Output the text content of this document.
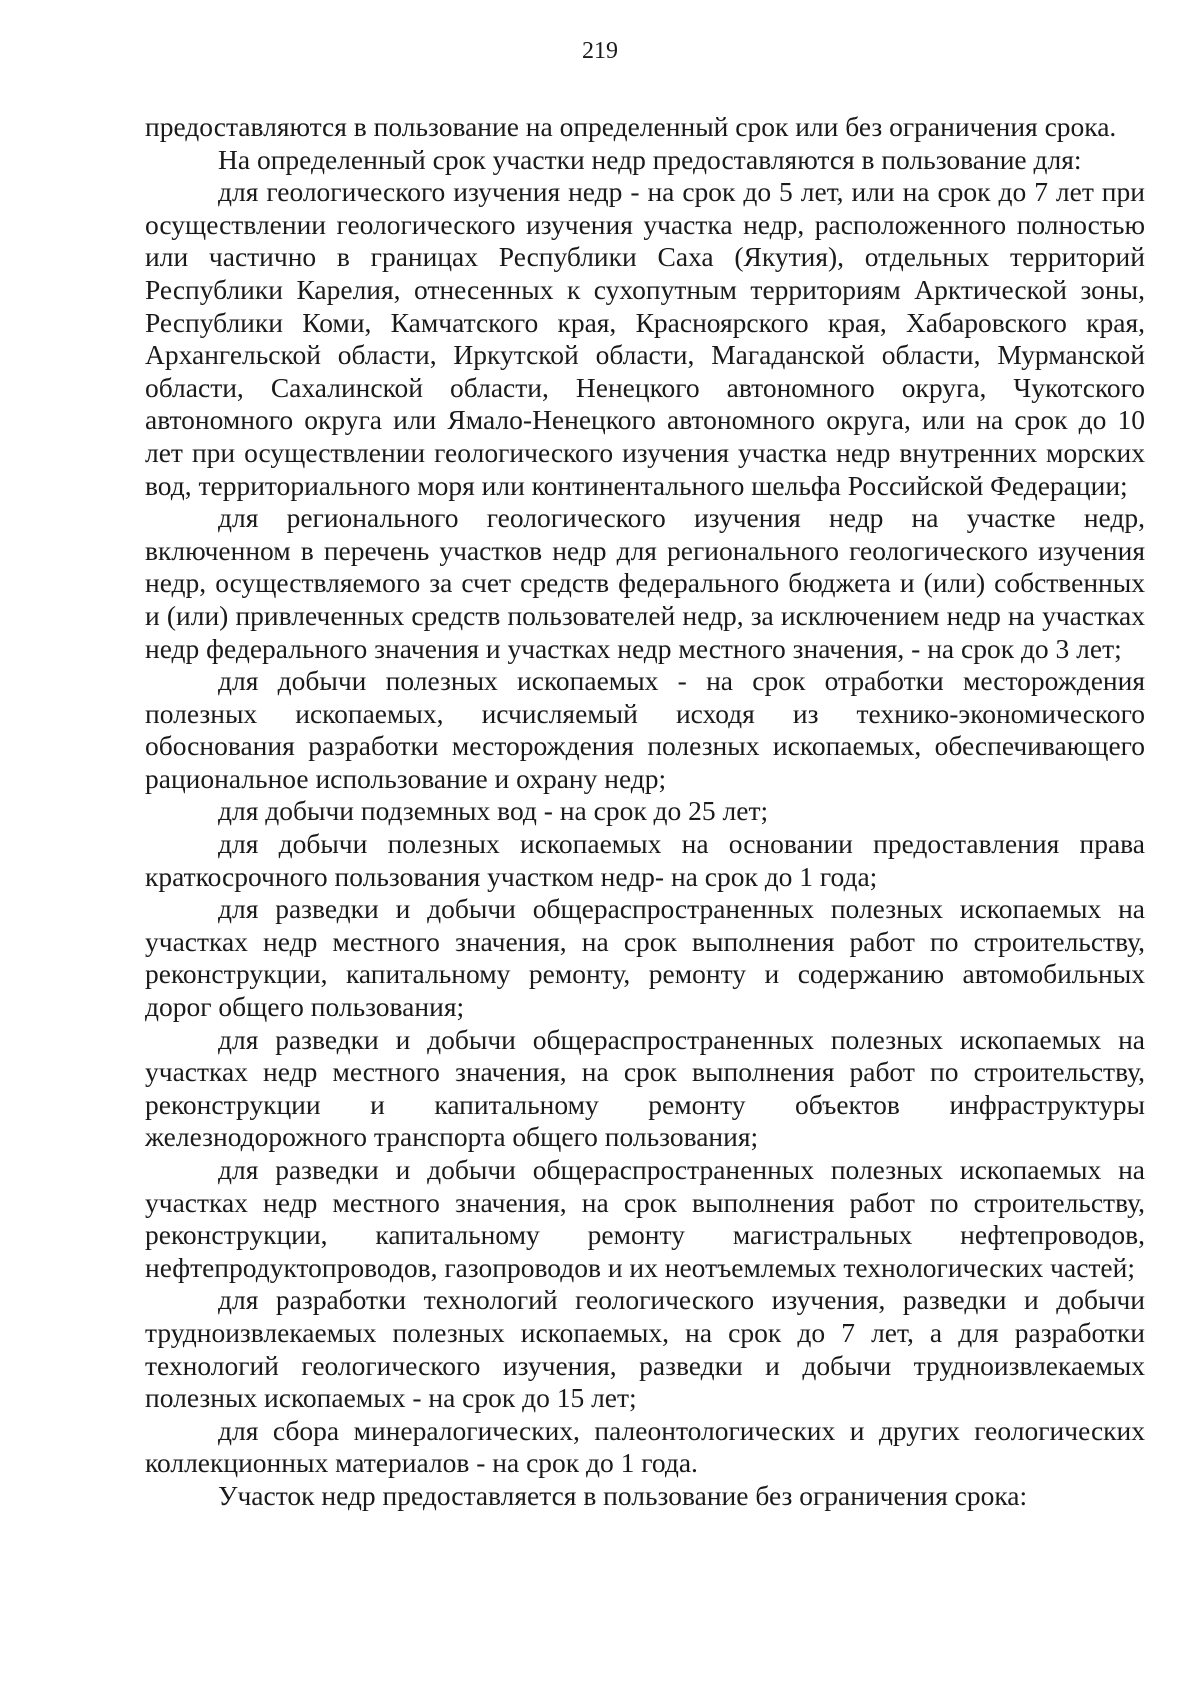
219

предоставляются в пользование на определенный срок или без ограничения срока.

На определенный срок участки недр предоставляются в пользование для:

для геологического изучения недр - на срок до 5 лет, или на срок до 7 лет при осуществлении геологического изучения участка недр, расположенного полностью или частично в границах Республики Саха (Якутия), отдельных территорий Республики Карелия, отнесенных к сухопутным территориям Арктической зоны, Республики Коми, Камчатского края, Красноярского края, Хабаровского края, Архангельской области, Иркутской области, Магаданской области, Мурманской области, Сахалинской области, Ненецкого автономного округа, Чукотского автономного округа или Ямало-Ненецкого автономного округа, или на срок до 10 лет при осуществлении геологического изучения участка недр внутренних морских вод, территориального моря или континентального шельфа Российской Федерации;

для регионального геологического изучения недр на участке недр, включенном в перечень участков недр для регионального геологического изучения недр, осуществляемого за счет средств федерального бюджета и (или) собственных и (или) привлеченных средств пользователей недр, за исключением недр на участках недр федерального значения и участках недр местного значения, - на срок до 3 лет;

для добычи полезных ископаемых - на срок отработки месторождения полезных ископаемых, исчисляемый исходя из технико-экономического обоснования разработки месторождения полезных ископаемых, обеспечивающего рациональное использование и охрану недр;

для добычи подземных вод - на срок до 25 лет;

для добычи полезных ископаемых на основании предоставления права краткосрочного пользования участком недр- на срок до 1 года;

для разведки и добычи общераспространенных полезных ископаемых на участках недр местного значения, на срок выполнения работ по строительству, реконструкции, капитальному ремонту, ремонту и содержанию автомобильных дорог общего пользования;

для разведки и добычи общераспространенных полезных ископаемых на участках недр местного значения, на срок выполнения работ по строительству, реконструкции и капитальному ремонту объектов инфраструктуры железнодорожного транспорта общего пользования;

для разведки и добычи общераспространенных полезных ископаемых на участках недр местного значения, на срок выполнения работ по строительству, реконструкции, капитальному ремонту магистральных нефтепроводов, нефтепродуктопроводов, газопроводов и их неотъемлемых технологических частей;

для разработки технологий геологического изучения, разведки и добычи трудноизвлекаемых полезных ископаемых, на срок до 7 лет, а для разработки технологий геологического изучения, разведки и добычи трудноизвлекаемых полезных ископаемых - на срок до 15 лет;

для сбора минералогических, палеонтологических и других геологических коллекционных материалов - на срок до 1 года.

Участок недр предоставляется в пользование без ограничения срока:
